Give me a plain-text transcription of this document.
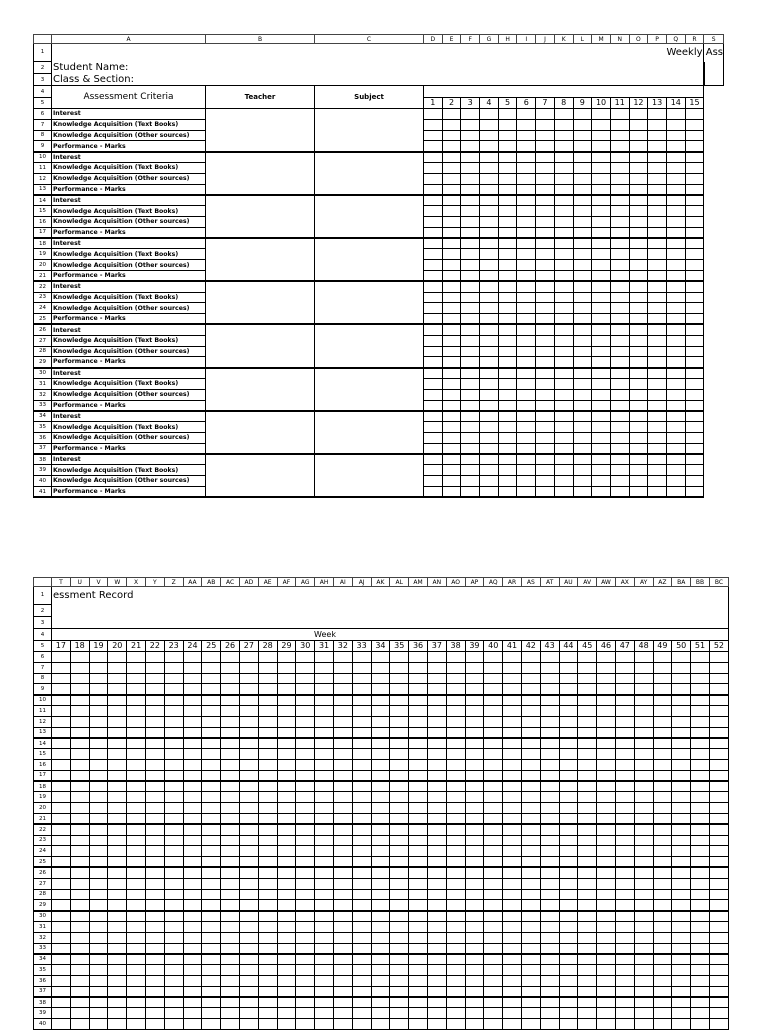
	A	B	C	D	E	F	G	H	I	J	K	L	M	N	O	P	Q	R	S
1																			Weekly Ass
2	Student Name:																		
3	Class & Section:																		
4	Assessment Criteria	Teacher	Subject																
5				1	2	3	4	5	6	7	8	9	10	11	12	13	14	15	
6	Interest																		
7	Knowledge Acquisition (Text Books)																		
8	Knowledge Acquisition (Other sources)																		
9	Performance - Marks																		
10	Interest																		
11	Knowledge Acquisition (Text Books)																		
12	Knowledge Acquisition (Other sources)																		
13	Performance - Marks																		
14	Interest																		
15	Knowledge Acquisition (Text Books)																		
16	Knowledge Acquisition (Other sources)																		
17	Performance - Marks																		
18	Interest																		
19	Knowledge Acquisition (Text Books)																		
20	Knowledge Acquisition (Other sources)																		
21	Performance - Marks																		
22	Interest																		
23	Knowledge Acquisition (Text Books)																		
24	Knowledge Acquisition (Other sources)																		
25	Performance - Marks																		
26	Interest																		
27	Knowledge Acquisition (Text Books)																		
28	Knowledge Acquisition (Other sources)																		
29	Performance - Marks																		
30	Interest																		
31	Knowledge Acquisition (Text Books)																		
32	Knowledge Acquisition (Other sources)																		
33	Performance - Marks																		
34	Interest																		
35	Knowledge Acquisition (Text Books)																		
36	Knowledge Acquisition (Other sources)																		
37	Performance - Marks																		
38	Interest																		
39	Knowledge Acquisition (Text Books)																		
40	Knowledge Acquisition (Other sources)																		
41	Performance - Marks																		
	T	U	V	W	X	Y	Z	AA	AB	AC	AD	AE	AF	AG	AH	AI	AJ	AK	AL	AM	AN	AO	AP	AQ	AR	AS	AT	AU	AV	AW	AX	AY	AZ	BA	BB	BC
1	essment Record																																			
2																																				
3																																				
4	Week																																			
5	17	18	19	20	21	22	23	24	25	26	27	28	29	30	31	32	33	34	35	36	37	38	39	40	41	42	43	44	45	46	47	48	49	50	51	52
6																																				
7																																				
8																																				
9																																				
10																																				
11																																				
12																																				
13																																				
14																																				
15																																				
16																																				
17																																				
18																																				
19																																				
20																																				
21																																				
22																																				
23																																				
24																																				
25																																				
26																																				
27																																				
28																																				
29																																				
30																																				
31																																				
32																																				
33																																				
34																																				
35																																				
36																																				
37																																				
38																																				
39																																				
40																																				
